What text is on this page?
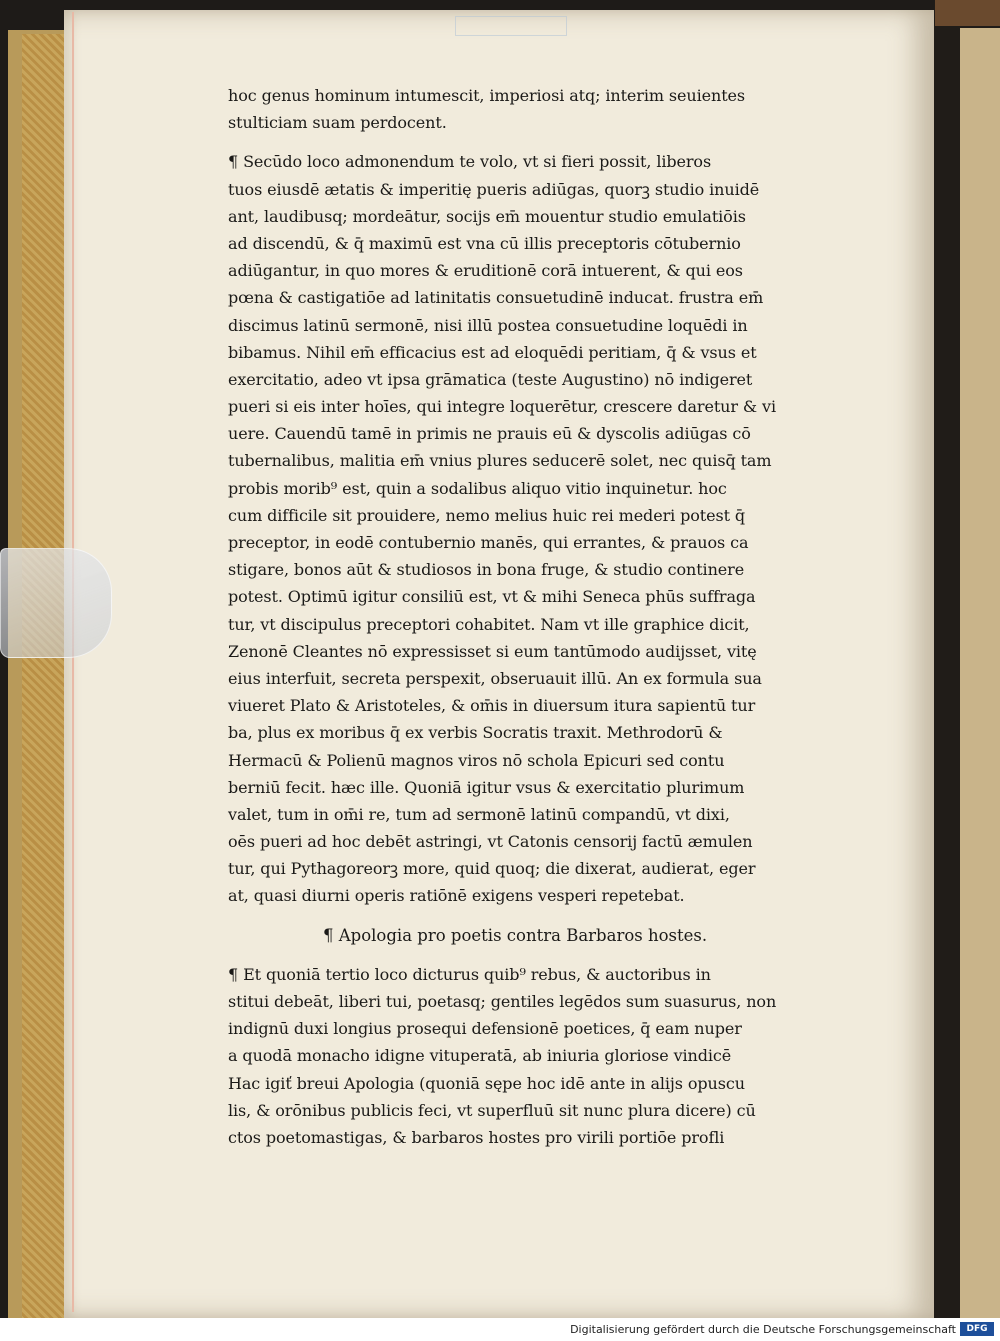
hoc genus hominum intumescit, imperiosi atq; interim seuientes
stulticiam suam perdocent.
¶ Secūdo loco admonendum te volo, vt si fieri possit, liberos
tuos eiusdē ætatis & imperitię pueris adiūgas, quorꝫ studio inuidē
ant, laudibusq; mordeātur, socijs em̄ mouentur studio emulatiōis
ad discendū, & q̄ maximū est vna cū illis preceptoris cōtubernio
adiūgantur, in quo mores & eruditionē corā intuerent, & qui eos
pœna & castigatiōe ad latinitatis consuetudinē inducat. frustra em̄
discimus latinū sermonē, nisi illū postea consuetudine loquēdi in
bibamus. Nihil em̄ efficacius est ad eloquēdi peritiam, q̄ & vsus et
exercitatio, adeo vt ipsa grāmatica (teste Augustino) nō indigeret
pueri si eis inter hoīes, qui integre loquerētur, crescere daretur & vi
uere. Cauendū tamē in primis ne prauis eū & dyscolis adiūgas cō
tubernalibus, malitia em̄ vnius plures seducerē solet, nec quisq̄ tam
probis morib⁹ est, quin a sodalibus aliquo vitio inquinetur. hoc
cum difficile sit prouidere, nemo melius huic rei mederi potest q̄
preceptor, in eodē contubernio manēs, qui errantes, & prauos ca
stigare, bonos aūt & studiosos in bona fruge, & studio continere
potest. Optimū igitur consiliū est, vt & mihi Seneca phūs suffraga
tur, vt discipulus preceptori cohabitet. Nam vt ille graphice dicit,
Zenonē Cleantes nō expressisset si eum tantūmodo audijsset, vitę
eius interfuit, secreta perspexit, obseruauit illū. An ex formula sua
viueret Plato & Aristoteles, & om̄is in diuersum itura sapientū tur
ba, plus ex moribus q̄ ex verbis Socratis traxit. Methrodorū &
Hermacū & Polienū magnos viros nō schola Epicuri sed contu
berniū fecit. hæc ille. Quoniā igitur vsus & exercitatio plurimum
valet, tum in om̄i re, tum ad sermonē latinū compandū, vt dixi,
oēs pueri ad hoc debēt astringi, vt Catonis censorij factū æmulen
tur, qui Pythagoreorꝫ more, quid quoq; die dixerat, audierat, eger
at, quasi diurni operis ratiōnē exigens vesperi repetebat.
¶ Apologia pro poetis contra Barbaros hostes.
¶ Et quoniā tertio loco dicturus quib⁹ rebus, & auctoribus in
stitui debeāt, liberi tui, poetasq; gentiles legēdos sum suasurus, non
indignū duxi longius prosequi defensionē poetices, q̄ eam nuper
a quodā monacho idigne vituperatā, ab iniuria gloriose vindicē
Hac igiť breui Apologia (quoniā sępe hoc idē ante in alijs opuscu
lis, & orōnibus publicis feci, vt superfluū sit nunc plura dicere) cū
ctos poetomastigas, & barbaros hostes pro virili portiōe profli
Digitalisierung gefördert durch die Deutsche Forschungsgemeinschaft	DFG
